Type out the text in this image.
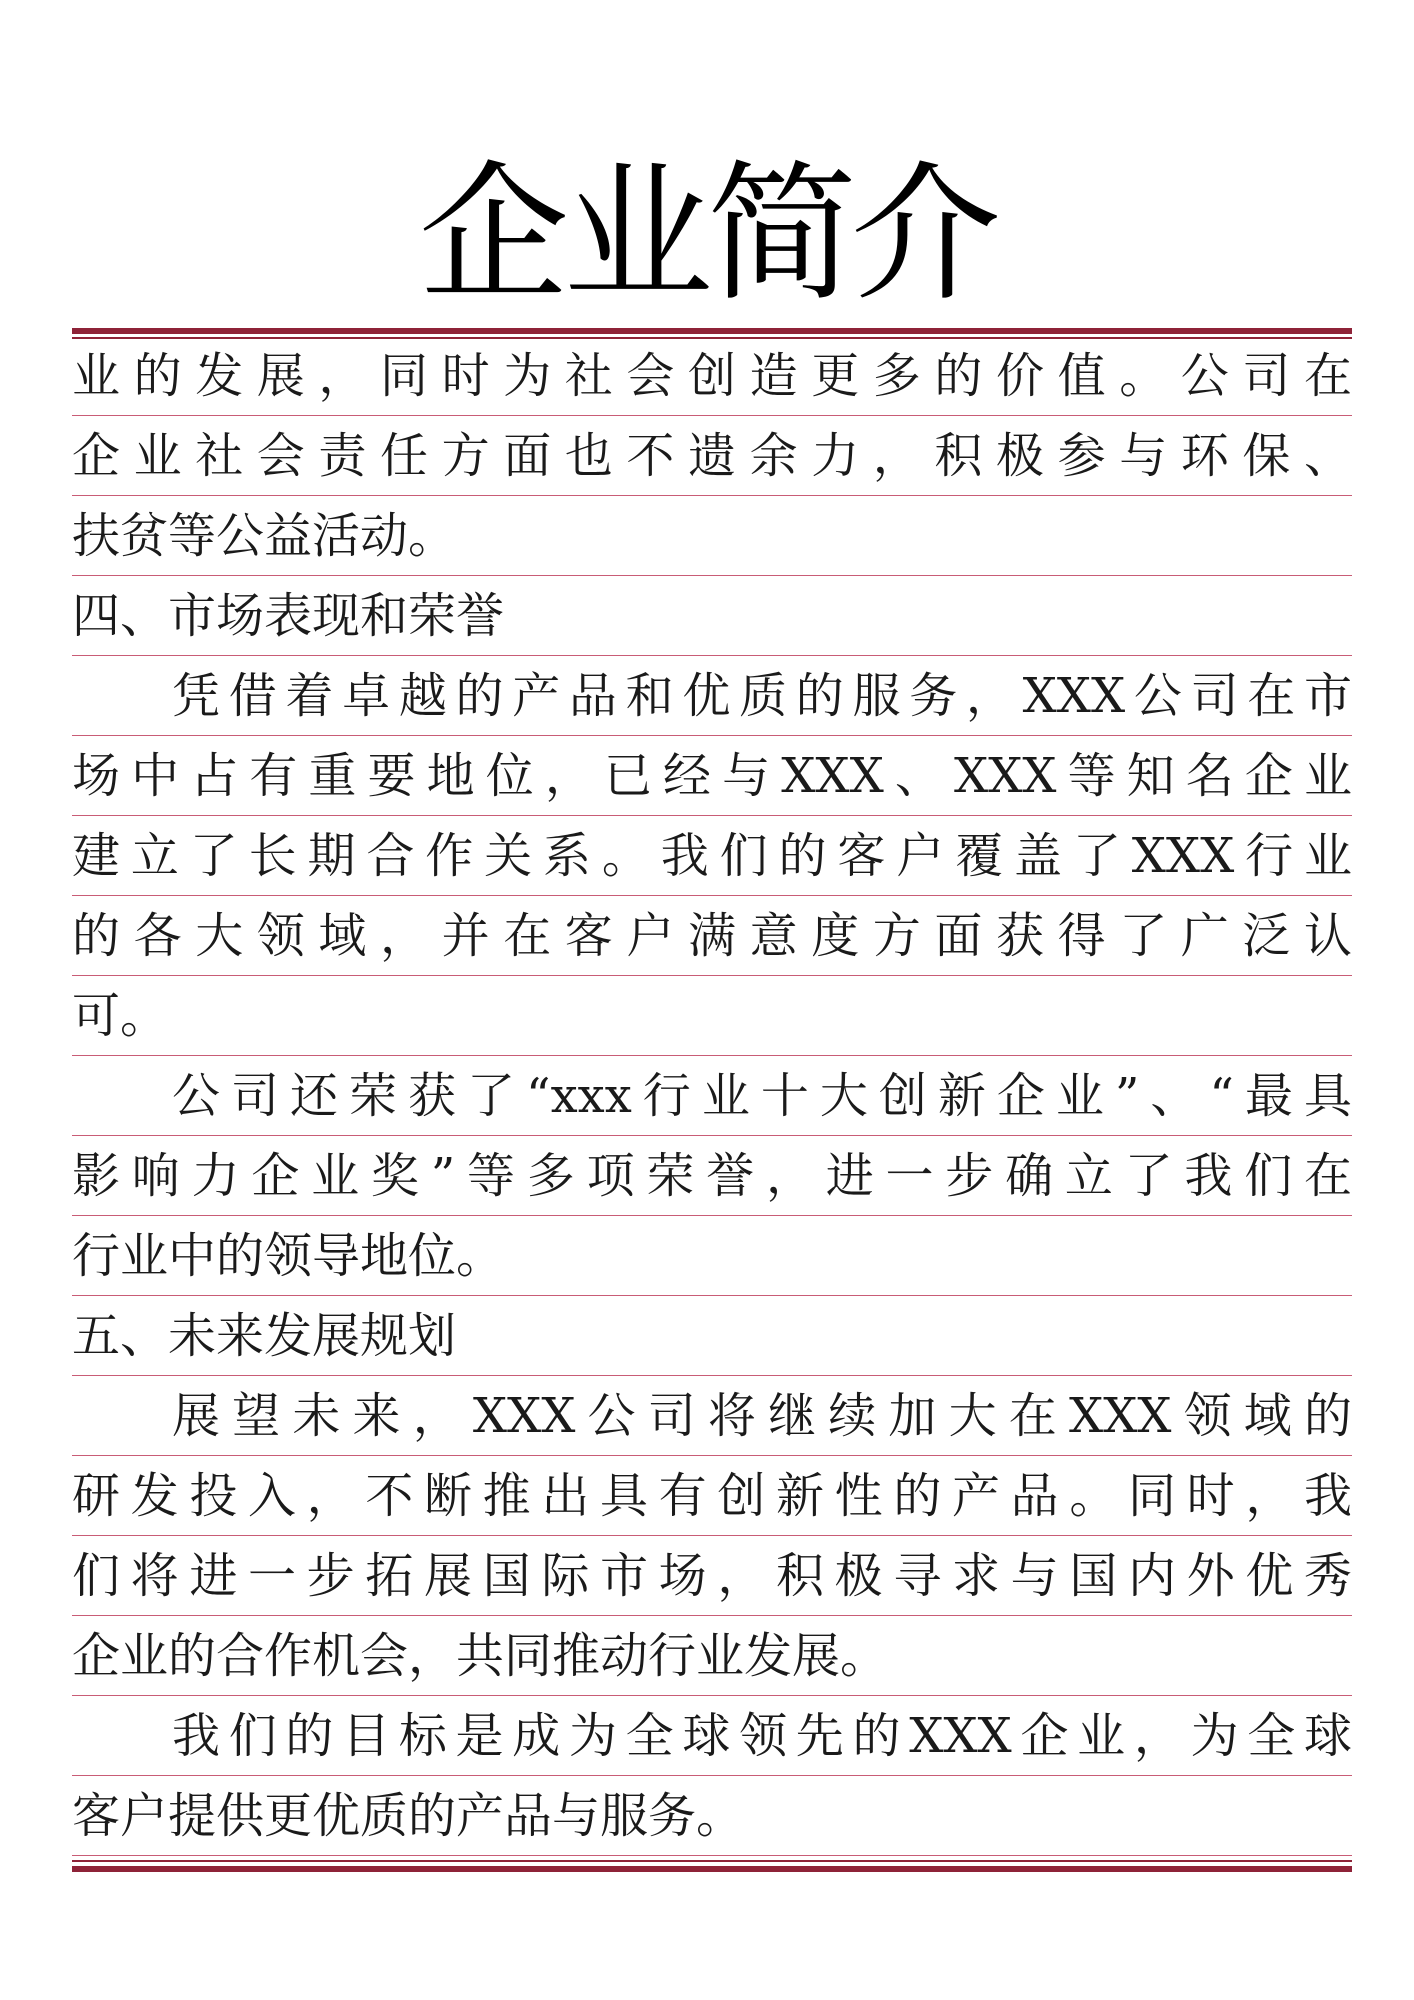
企业简介
业的发展，同时为社会创造更多的价值。公司在
企业社会责任方面也不遗余力，积极参与环保、
扶贫等公益活动。
四、市场表现和荣誉
凭借着卓越的产品和优质的服务，XXX公司在市
场中占有重要地位，已经与XXX、XXX等知名企业
建立了长期合作关系。我们的客户覆盖了XXX行业
的各大领域，并在客户满意度方面获得了广泛认
可。
公司还荣获了“xxx行业十大创新企业”、“最具
影响力企业奖”等多项荣誉，进一步确立了我们在
行业中的领导地位。
五、未来发展规划
展望未来，XXX公司将继续加大在XXX领域的
研发投入，不断推出具有创新性的产品。同时，我
们将进一步拓展国际市场，积极寻求与国内外优秀
企业的合作机会，共同推动行业发展。
我们的目标是成为全球领先的XXX企业，为全球
客户提供更优质的产品与服务。
